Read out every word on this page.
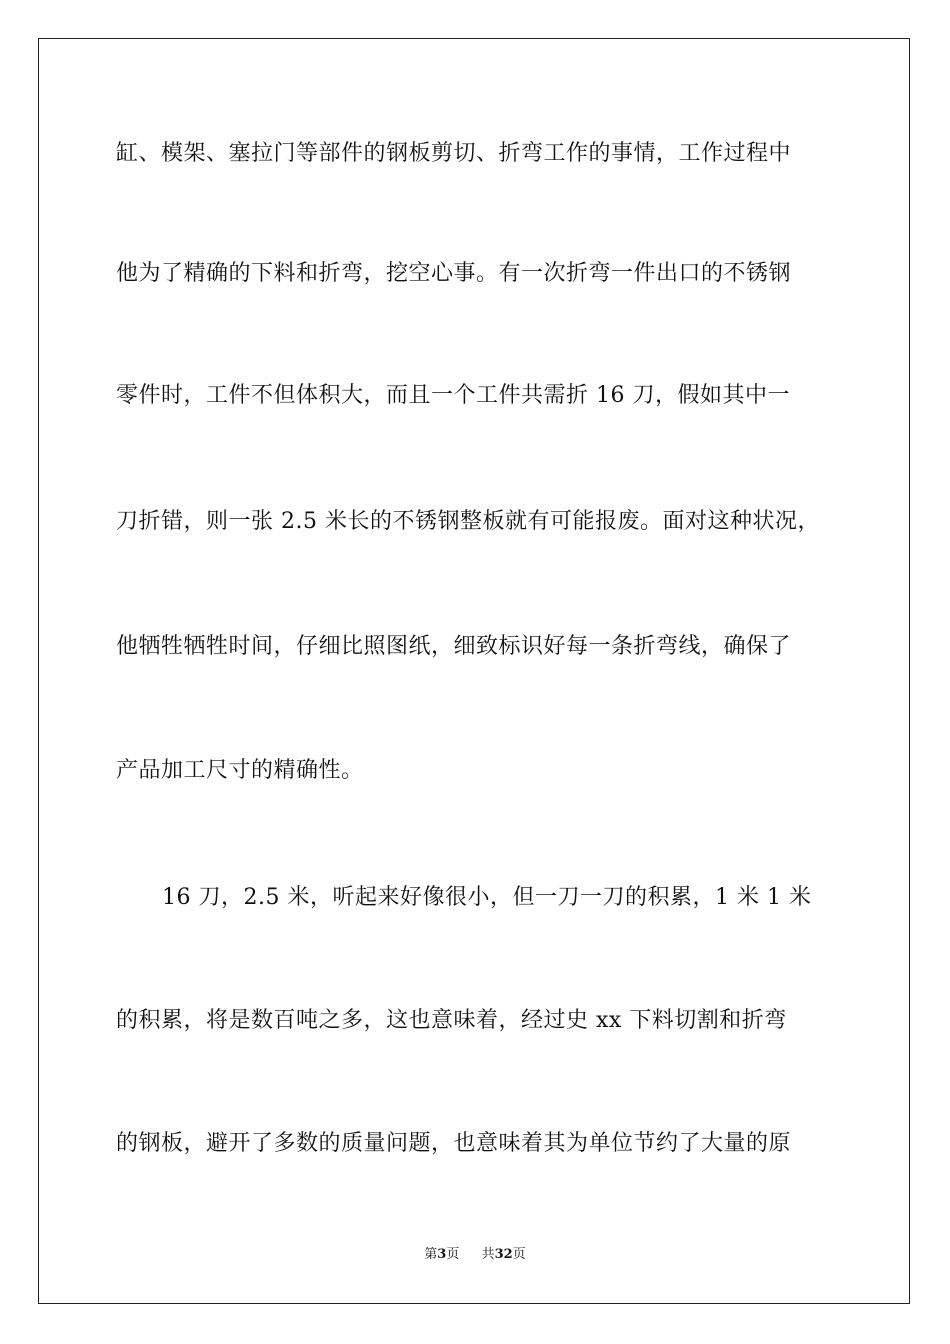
缸、模架、塞拉门等部件的钢板剪切、折弯工作的事情，工作过程中
他为了精确的下料和折弯，挖空心事。有一次折弯一件出口的不锈钢
零件时，工件不但体积大，而且一个工件共需折 16 刀，假如其中一
刀折错，则一张 2.5 米长的不锈钢整板就有可能报废。面对这种状况，
他牺牲牺牲时间，仔细比照图纸，细致标识好每一条折弯线，确保了
产品加工尺寸的精确性。
16 刀，2.5 米，听起来好像很小，但一刀一刀的积累，1 米 1 米
的积累，将是数百吨之多，这也意味着，经过史 xx 下料切割和折弯
的钢板，避开了多数的质量问题，也意味着其为单位节约了大量的原
第3页 共32页
